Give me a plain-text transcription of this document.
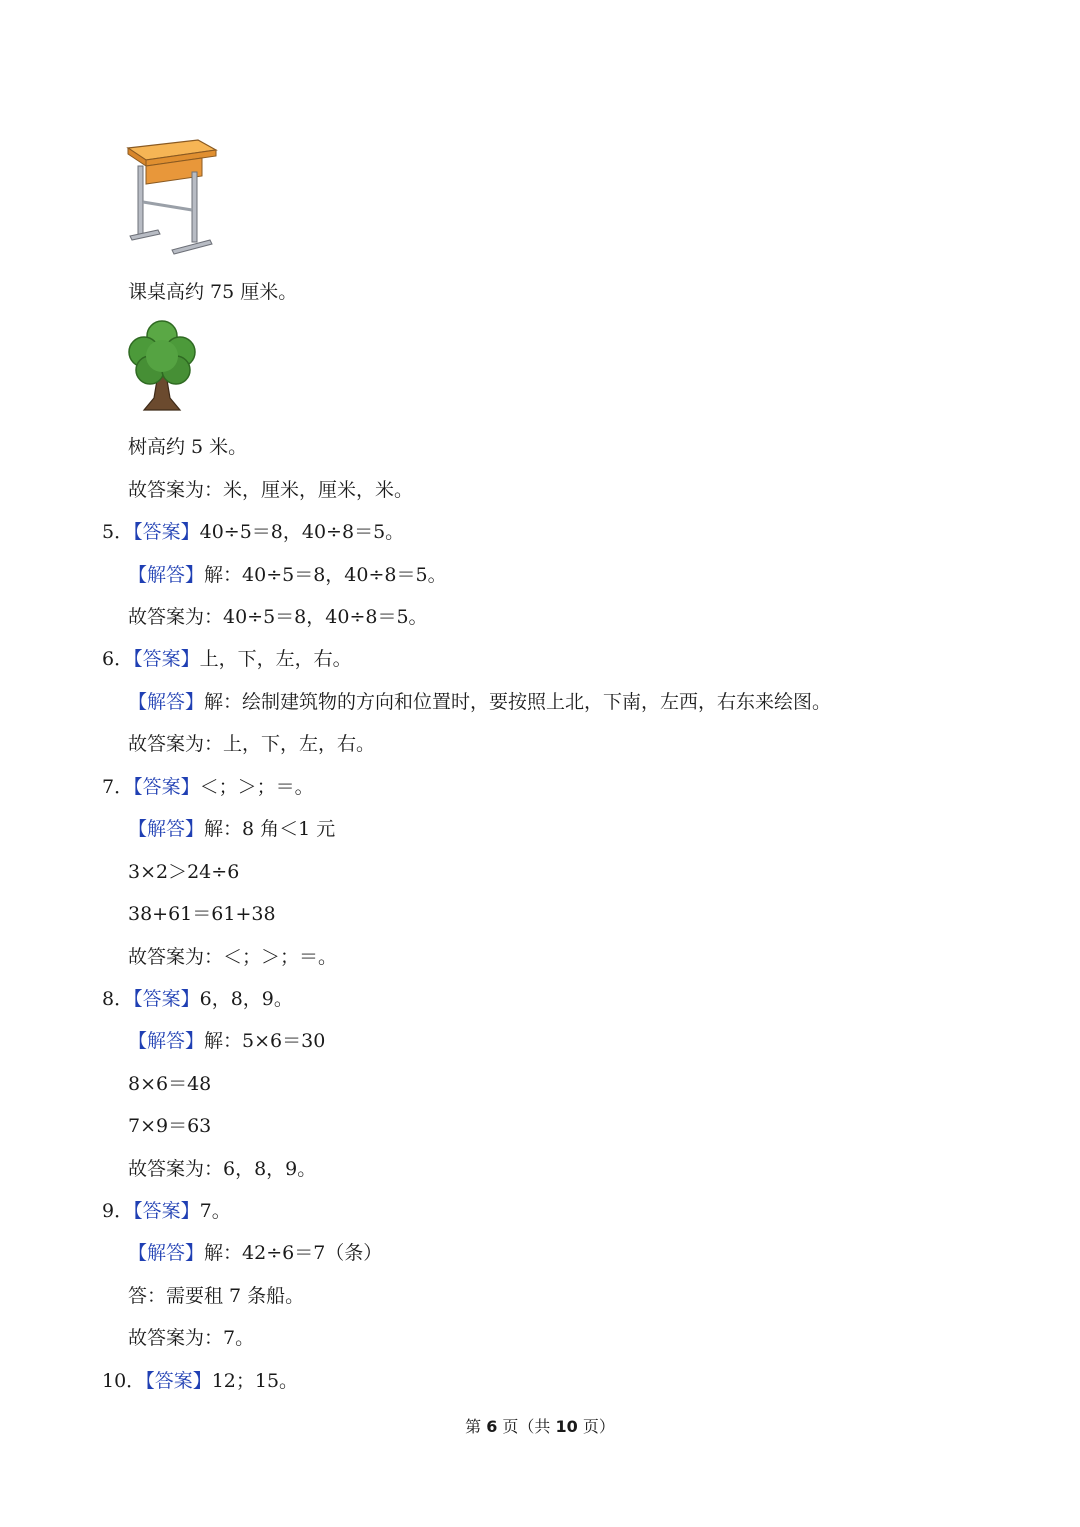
课桌高约 75 厘米。
树高约 5 米。
故答案为：米，厘米，厘米，米。
5．【答案】40÷5＝8，40÷8＝5。
【解答】解：40÷5＝8，40÷8＝5。
故答案为：40÷5＝8，40÷8＝5。
6．【答案】上，下，左，右。
【解答】解：绘制建筑物的方向和位置时，要按照上北，下南，左西，右东来绘图。
故答案为：上，下，左，右。
7．【答案】＜；＞；＝。
【解答】解：8 角＜1 元
3×2＞24÷6
38+61＝61+38
故答案为：＜；＞；＝。
8．【答案】6，8，9。
【解答】解：5×6＝30
8×6＝48
7×9＝63
故答案为：6，8，9。
9．【答案】7。
【解答】解：42÷6＝7（条）
答：需要租 7 条船。
故答案为：7。
10．【答案】12；15。
第 6 页（共 10 页）
